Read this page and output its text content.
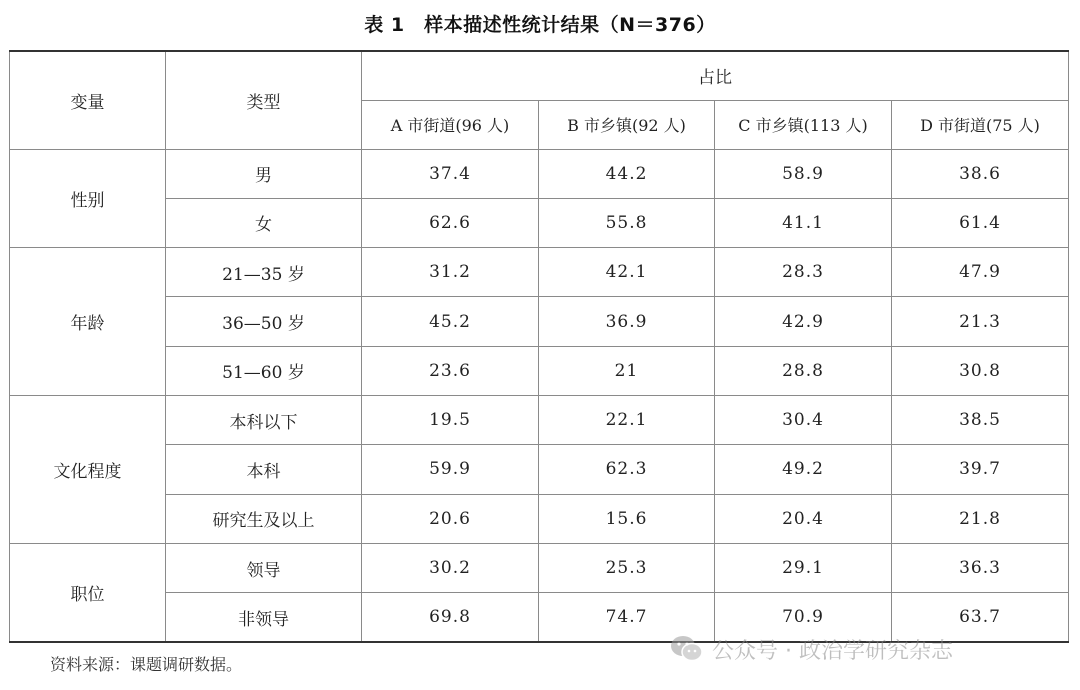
表 1　样本描述性统计结果（N＝376）
变量	类型	占比			
		A 市街道(96 人)	B 市乡镇(92 人)	C 市乡镇(113 人)	D 市街道(75 人)
性别	男	37.4	44.2	58.9	38.6
	女	62.6	55.8	41.1	61.4
年龄	21—35 岁	31.2	42.1	28.3	47.9
	36—50 岁	45.2	36.9	42.9	21.3
	51—60 岁	23.6	21	28.8	30.8
文化程度	本科以下	19.5	22.1	30.4	38.5
	本科	59.9	62.3	49.2	39.7
	研究生及以上	20.6	15.6	20.4	21.8
职位	领导	30.2	25.3	29.1	36.3
	非领导	69.8	74.7	70.9	63.7
资料来源：课题调研数据。
公众号 · 政治学研究杂志
